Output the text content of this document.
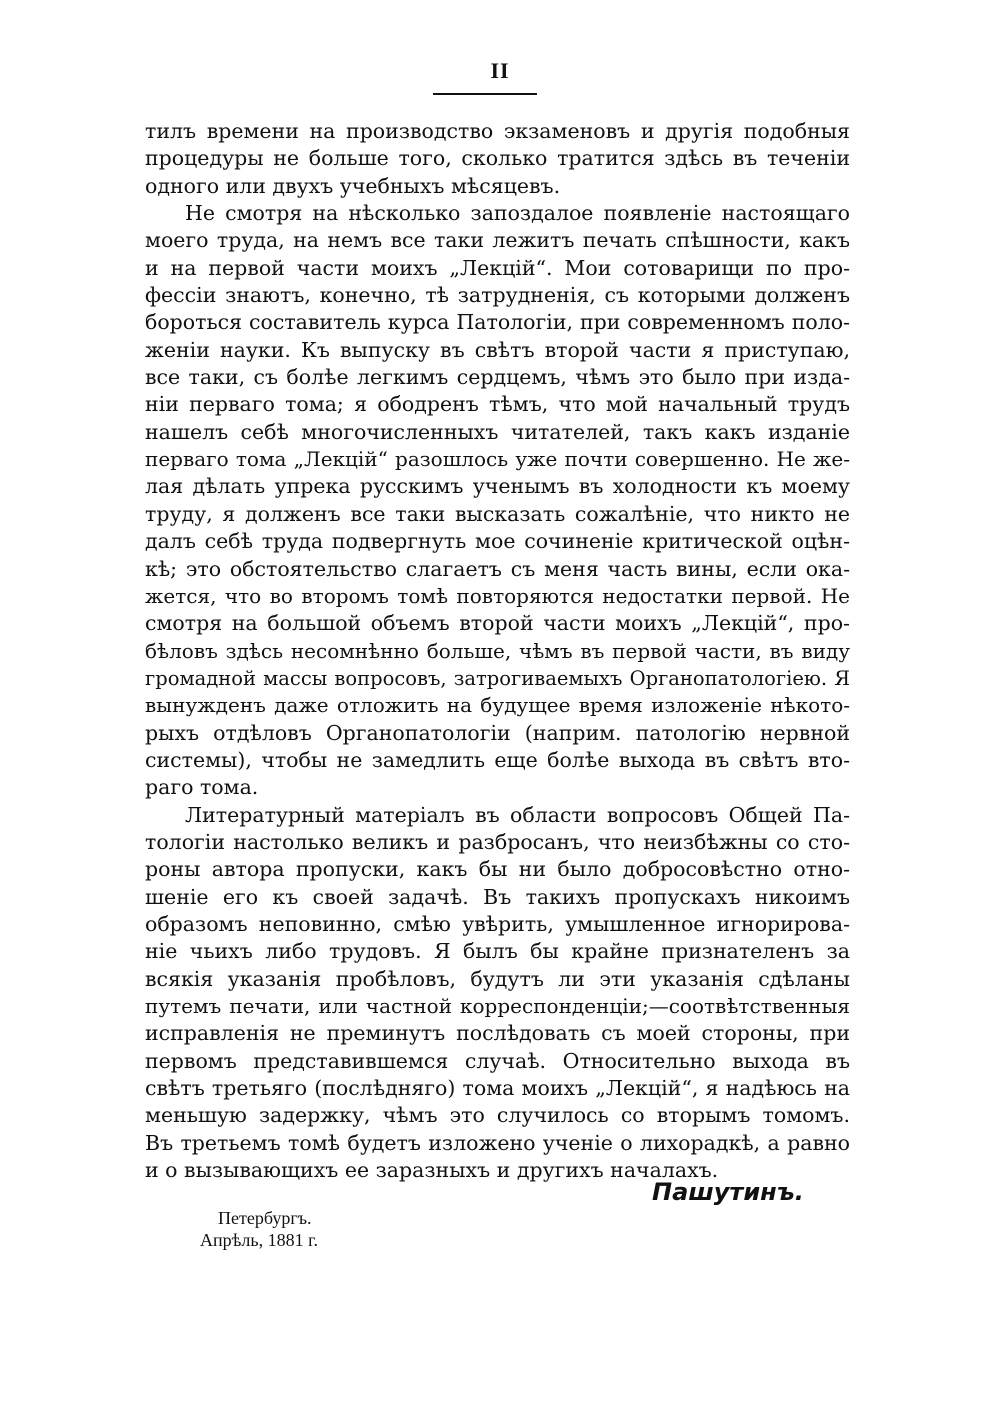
II
тилъ времени на производство экзаменовъ и другія подобныя
процедуры не больше того, сколько тратится здѣсь въ теченіи
одного или двухъ учебныхъ мѣсяцевъ.
Не смотря на нѣсколько запоздалое появленіе настоящаго
моего труда, на немъ все таки лежитъ печать спѣшности, какъ
и на первой части моихъ „Лекцій“. Мои сотоварищи по про-
фессіи знаютъ, конечно, тѣ затрудненія, съ которыми долженъ
бороться составитель курса Патологіи, при современномъ поло-
женіи науки. Къ выпуску въ свѣтъ второй части я приступаю,
все таки, съ болѣе легкимъ сердцемъ, чѣмъ это было при изда-
ніи перваго тома; я ободренъ тѣмъ, что мой начальный трудъ
нашелъ себѣ многочисленныхъ читателей, такъ какъ изданіе
перваго тома „Лекцій“ разошлось уже почти совершенно. Не же-
лая дѣлать упрека русскимъ ученымъ въ холодности къ моему
труду, я долженъ все таки высказать сожалѣніе, что никто не
далъ себѣ труда подвергнуть мое сочиненіе критической оцѣн-
кѣ; это обстоятельство слагаетъ съ меня часть вины, если ока-
жется, что во второмъ томѣ повторяются недостатки первой. Не
смотря на большой объемъ второй части моихъ „Лекцій“, про-
бѣловъ здѣсь несомнѣнно больше, чѣмъ въ первой части, въ виду
громадной массы вопросовъ, затрогиваемыхъ Органопатологіею. Я
вынужденъ даже отложить на будущее время изложеніе нѣкото-
рыхъ отдѣловъ Органопатологіи (наприм. патологію нервной
системы), чтобы не замедлить еще болѣе выхода въ свѣтъ вто-
раго тома.
Литературный матеріалъ въ области вопросовъ Общей Па-
тологіи настолько великъ и разбросанъ, что неизбѣжны со сто-
роны автора пропуски, какъ бы ни было добросовѣстно отно-
шеніе его къ своей задачѣ. Въ такихъ пропускахъ никоимъ
образомъ неповинно, смѣю увѣрить, умышленное игнорирова-
ніе чьихъ либо трудовъ. Я былъ бы крайне признателенъ за
всякія указанія пробѣловъ, будутъ ли эти указанія сдѣланы
путемъ печати, или частной корреспонденціи;—соотвѣтственныя
исправленія не преминутъ послѣдовать съ моей стороны, при
первомъ представившемся случаѣ. Относительно выхода въ
свѣтъ третьяго (послѣдняго) тома моихъ „Лекцій“, я надѣюсь на
меньшую задержку, чѣмъ это случилось со вторымъ томомъ.
Въ третьемъ томѣ будетъ изложено ученіе о лихорадкѣ, а равно
и о вызывающихъ ее заразныхъ и другихъ началахъ.
Пашутинъ.
Петербургъ.
Апрѣль, 1881 г.
